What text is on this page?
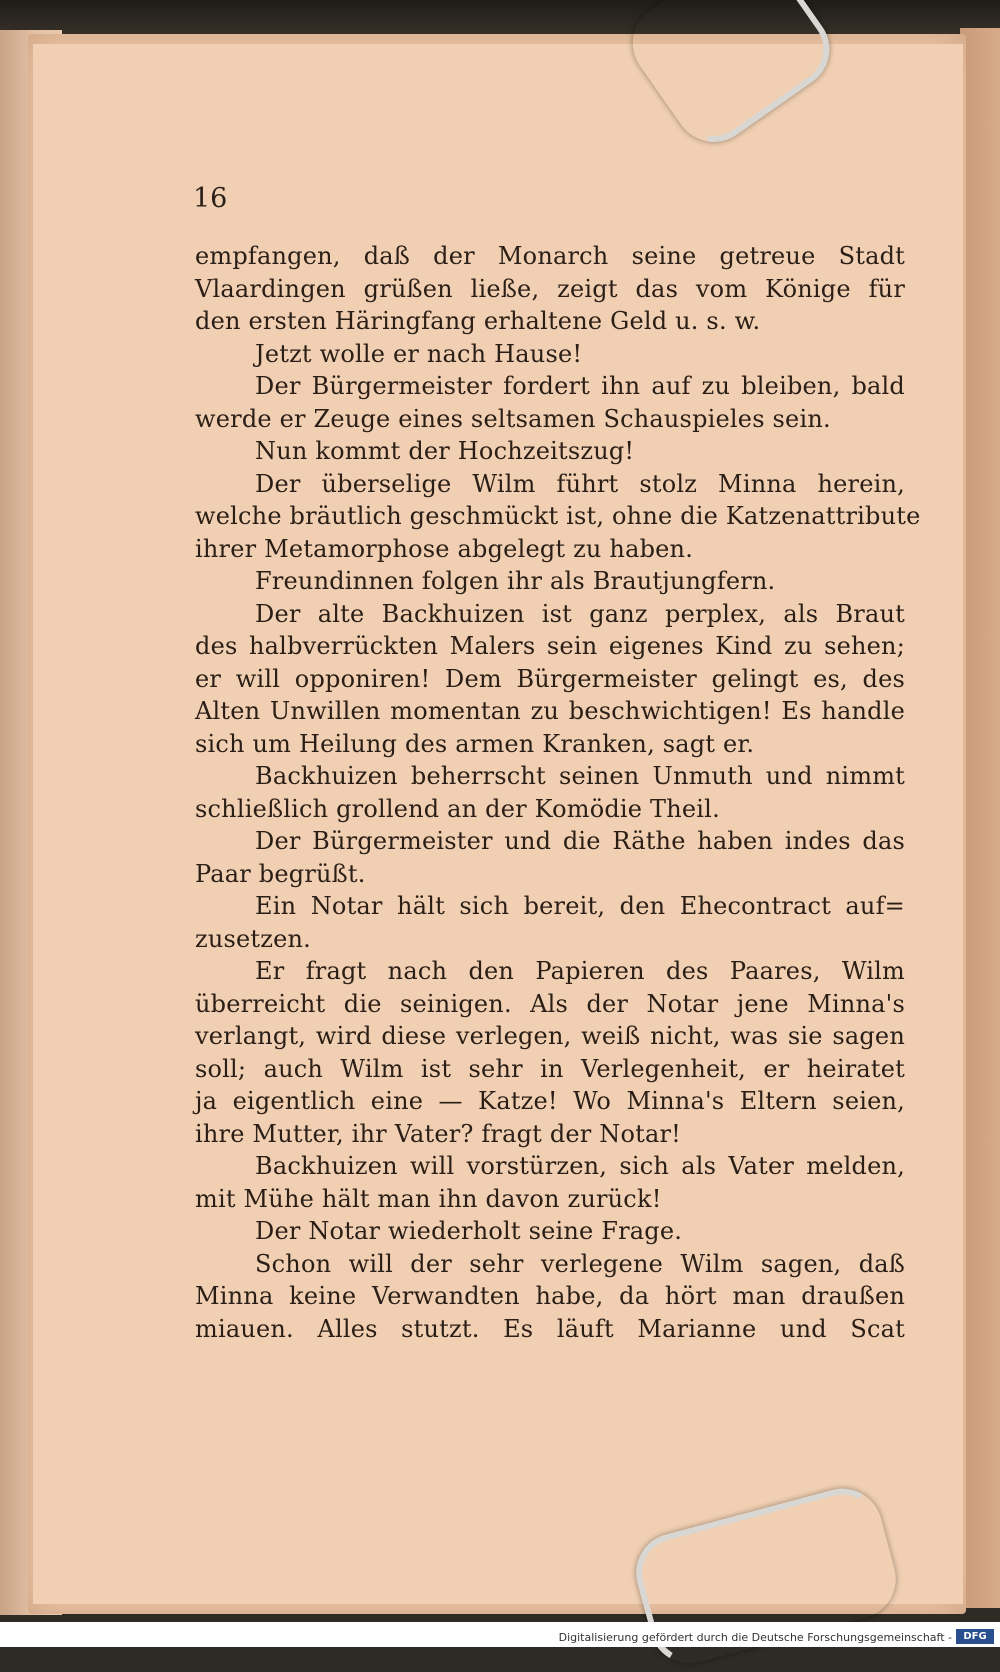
16
empfangen, daß der Monarch seine getreue Stadt
Vlaardingen grüßen ließe, zeigt das vom Könige für
den ersten Häringfang erhaltene Geld u. s. w.
Jetzt wolle er nach Hause!
Der Bürgermeister fordert ihn auf zu bleiben, bald
werde er Zeuge eines seltsamen Schauspieles sein.
Nun kommt der Hochzeitszug!
Der überselige Wilm führt stolz Minna herein,
welche bräutlich geschmückt ist, ohne die Katzenattribute
ihrer Metamorphose abgelegt zu haben.
Freundinnen folgen ihr als Brautjungfern.
Der alte Backhuizen ist ganz perplex, als Braut
des halbverrückten Malers sein eigenes Kind zu sehen;
er will opponiren! Dem Bürgermeister gelingt es, des
Alten Unwillen momentan zu beschwichtigen! Es handle
sich um Heilung des armen Kranken, sagt er.
Backhuizen beherrscht seinen Unmuth und nimmt
schließlich grollend an der Komödie Theil.
Der Bürgermeister und die Räthe haben indes das
Paar begrüßt.
Ein Notar hält sich bereit, den Ehecontract auf=
zusetzen.
Er fragt nach den Papieren des Paares, Wilm
überreicht die seinigen. Als der Notar jene Minna's
verlangt, wird diese verlegen, weiß nicht, was sie sagen
soll; auch Wilm ist sehr in Verlegenheit, er heiratet
ja eigentlich eine — Katze! Wo Minna's Eltern seien,
ihre Mutter, ihr Vater? fragt der Notar!
Backhuizen will vorstürzen, sich als Vater melden,
mit Mühe hält man ihn davon zurück!
Der Notar wiederholt seine Frage.
Schon will der sehr verlegene Wilm sagen, daß
Minna keine Verwandten habe, da hört man draußen
miauen. Alles stutzt. Es läuft Marianne und Scat
Digitalisierung gefördert durch die Deutsche Forschungsgemeinschaft -	DFG
